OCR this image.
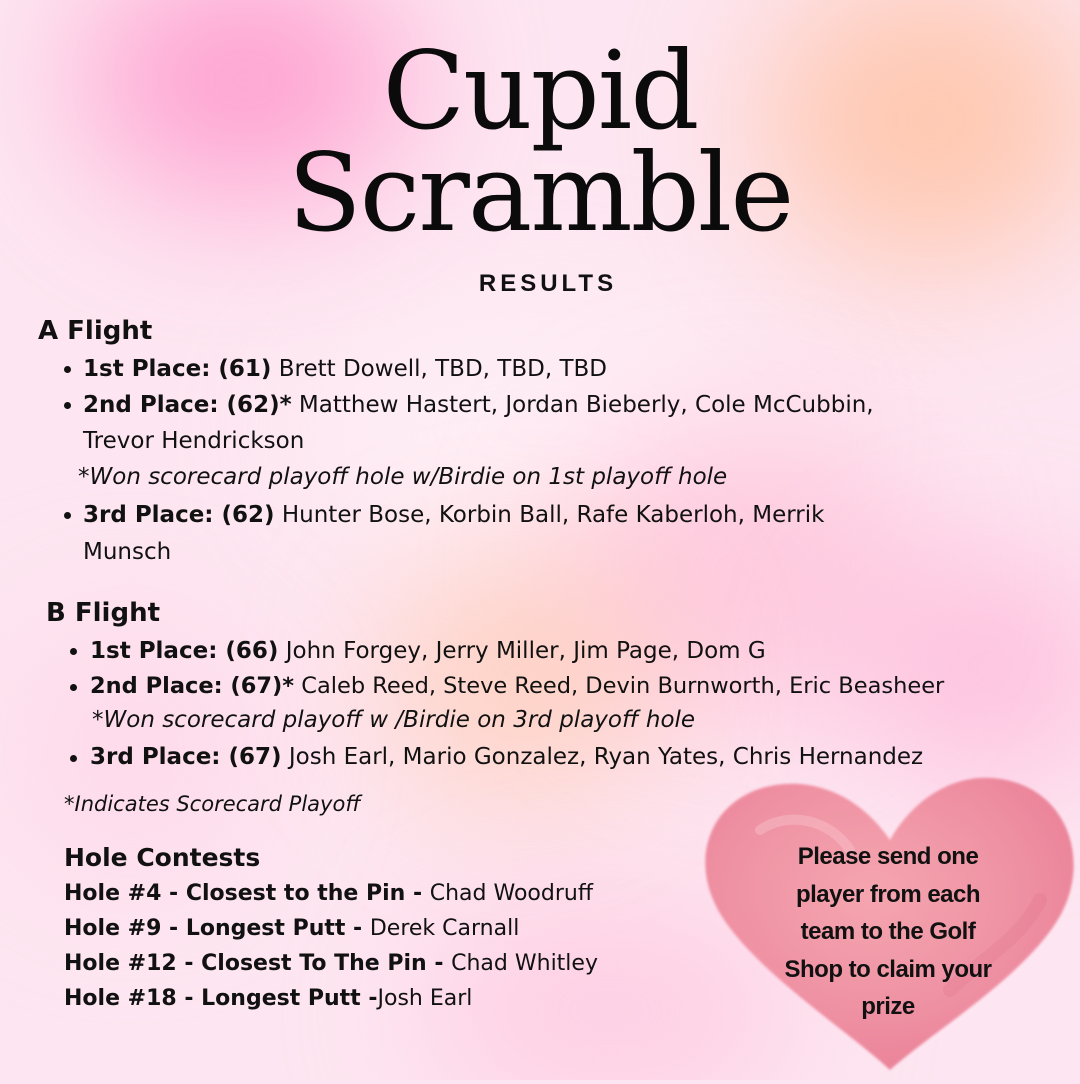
Cupid
Scramble
RESULTS
A Flight
1st Place: (61) Brett Dowell, TBD, TBD, TBD
2nd Place: (62)* Matthew Hastert, Jordan Bieberly, Cole McCubbin,
Trevor Hendrickson
*Won scorecard playoff hole w/Birdie on 1st playoff hole
3rd Place: (62) Hunter Bose, Korbin Ball, Rafe Kaberloh, Merrik
Munsch
B Flight
1st Place: (66) John Forgey, Jerry Miller, Jim Page, Dom G
2nd Place: (67)* Caleb Reed, Steve Reed, Devin Burnworth, Eric Beasheer
*Won scorecard playoff w /Birdie on 3rd playoff hole
3rd Place: (67) Josh Earl, Mario Gonzalez, Ryan Yates, Chris Hernandez
*Indicates Scorecard Playoff
Hole Contests
Hole #4 - Closest to the Pin - Chad Woodruff
Hole #9 - Longest Putt - Derek Carnall
Hole #12 - Closest To The Pin - Chad Whitley
Hole #18 - Longest Putt -Josh Earl
Please send one
player from each
team to the Golf
Shop to claim your
prize
